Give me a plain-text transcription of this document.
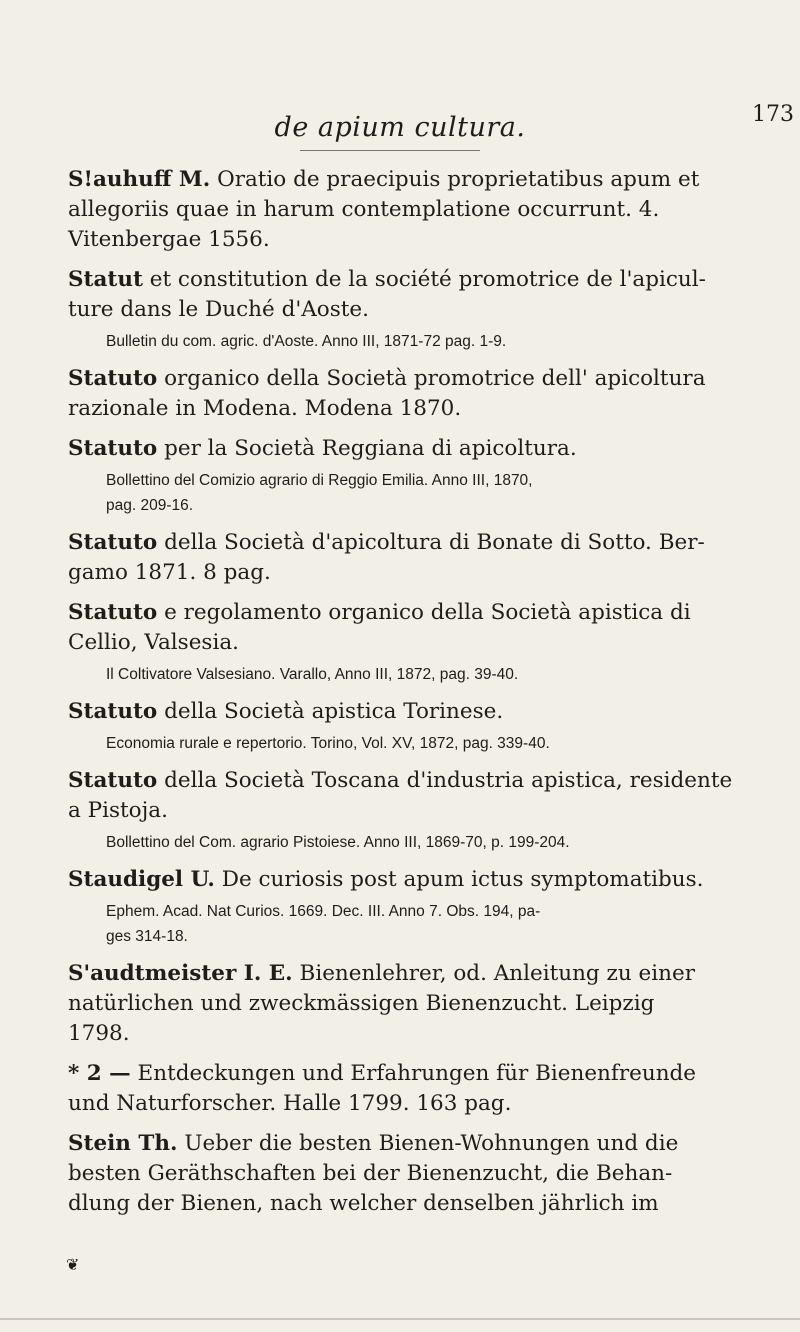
de apium cultura.	173
S!auhuff M. Oratio de praecipuis proprietatibus apum et
allegoriis quae in harum contemplatione occurrunt. 4.
Vitenbergae 1556.
Statut et constitution de la société promotrice de l'apicul-
ture dans le Duché d'Aoste.
Bulletin du com. agric. d'Aoste. Anno III, 1871-72 pag. 1-9.
Statuto organico della Società promotrice dell' apicoltura
razionale in Modena. Modena 1870.
Statuto per la Società Reggiana di apicoltura.
Bollettino del Comizio agrario di Reggio Emilia. Anno III, 1870,
pag. 209-16.
Statuto della Società d'apicoltura di Bonate di Sotto. Ber-
gamo 1871. 8 pag.
Statuto e regolamento organico della Società apistica di
Cellio, Valsesia.
Il Coltivatore Valsesiano. Varallo, Anno III, 1872, pag. 39-40.
Statuto della Società apistica Torinese.
Economia rurale e repertorio. Torino, Vol. XV, 1872, pag. 339-40.
Statuto della Società Toscana d'industria apistica, residente
a Pistoja.
Bollettino del Com. agrario Pistoiese. Anno III, 1869-70, p. 199-204.
Staudigel U. De curiosis post apum ictus symptomatibus.
Ephem. Acad. Nat Curios. 1669. Dec. III. Anno 7. Obs. 194, pa-
ges 314-18.
S'audtmeister I. E. Bienenlehrer, od. Anleitung zu einer
natürlichen und zweckmässigen Bienenzucht. Leipzig
1798.
* 2 — Entdeckungen und Erfahrungen für Bienenfreunde
und Naturforscher. Halle 1799. 163 pag.
Stein Th. Ueber die besten Bienen-Wohnungen und die
besten Geräthschaften bei der Bienenzucht, die Behan-
dlung der Bienen, nach welcher denselben jährlich im
❦
